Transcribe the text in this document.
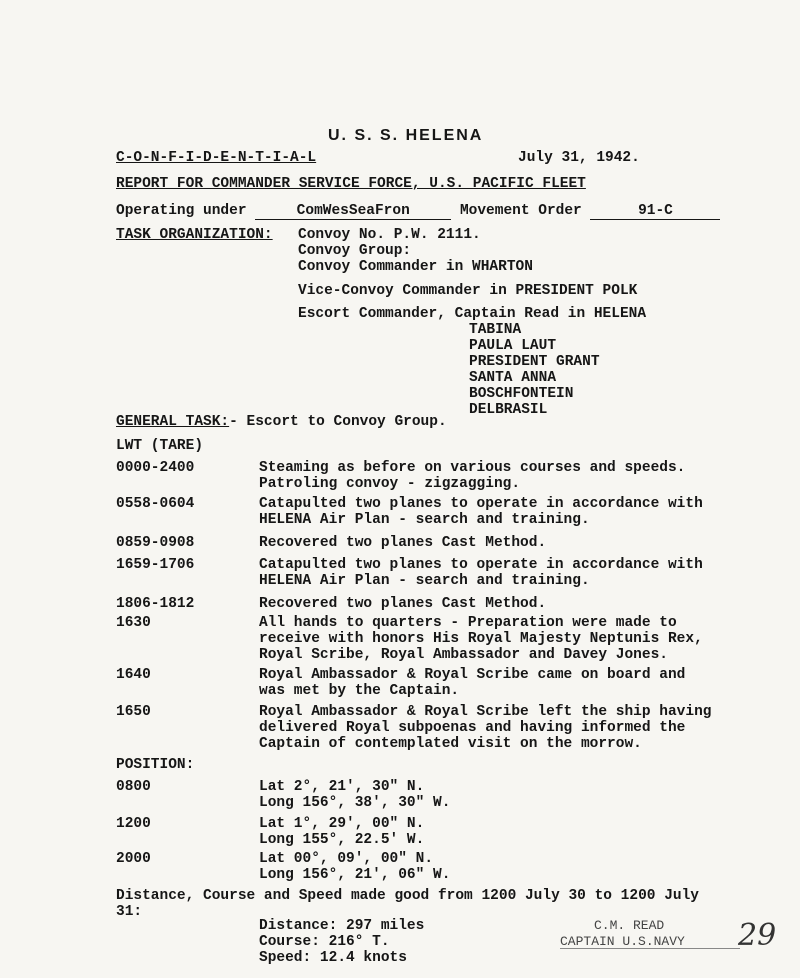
U. S. S. HELENA
C-O-N-F-I-D-E-N-T-I-A-L	July 31, 1942.
REPORT FOR COMMANDER SERVICE FORCE, U.S. PACIFIC FLEET
Operating under	ComWesSeaFron	Movement Order	91-C
TASK ORGANIZATION: Convoy No. P.W. 2111.
Convoy Group:
Convoy Commander in WHARTON
Vice-Convoy Commander in PRESIDENT POLK
Escort Commander, Captain Read in HELENA
TABINA
PAULA LAUT
PRESIDENT GRANT
SANTA ANNA
BOSCHFONTEIN
DELBRASIL
GENERAL TASK:- Escort to Convoy Group.
LWT (TARE)
0000-2400	Steaming as before on various courses and speeds.
Patroling convoy - zigzagging.
0558-0604	Catapulted two planes to operate in accordance with
HELENA Air Plan - search and training.
0859-0908	Recovered two planes Cast Method.
1659-1706	Catapulted two planes to operate in accordance with
HELENA Air Plan - search and training.
1806-1812	Recovered two planes Cast Method.
1630	All hands to quarters - Preparation were made to
receive with honors His Royal Majesty Neptunis Rex,
Royal Scribe, Royal Ambassador and Davey Jones.
1640	Royal Ambassador & Royal Scribe came on board and
was met by the Captain.
1650	Royal Ambassador & Royal Scribe left the ship having
delivered Royal subpoenas and having informed the
Captain of contemplated visit on the morrow.
POSITION:
0800	Lat 2°, 21', 30" N.
Long 156°, 38', 30" W.
1200	Lat 1°, 29', 00" N.
Long 155°, 22.5' W.
2000	Lat 00°, 09', 00" N.
Long 156°, 21', 06" W.
Distance, Course and Speed made good from 1200 July 30 to 1200 July
31:
Distance: 297 miles
Course: 216° T.
Speed: 12.4 knots
C.M. READ
CAPTAIN U.S.NAVY 29
